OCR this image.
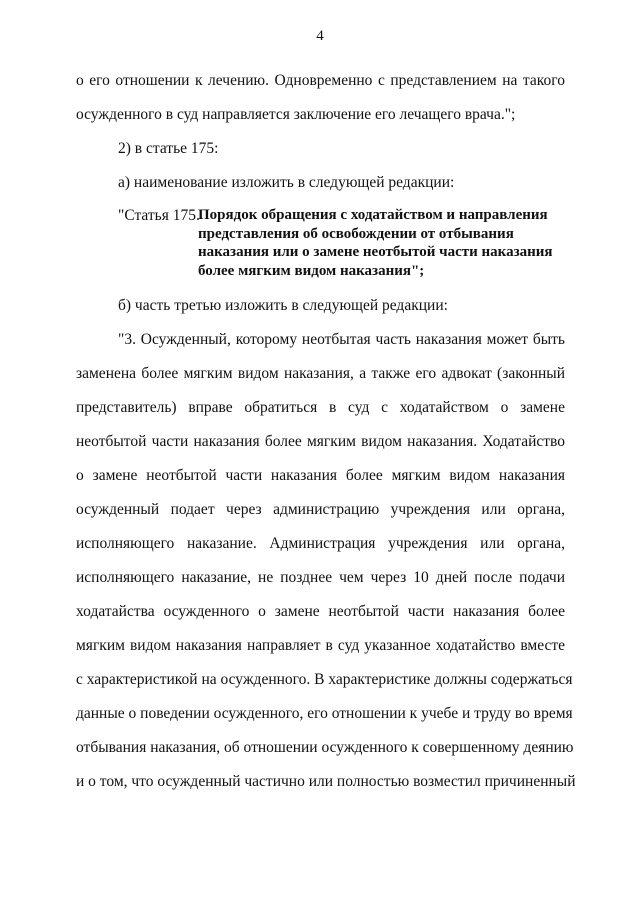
4
о его отношении к лечению. Одновременно с представлением на такого
осужденного в суд направляется заключение его лечащего врача.";
2) в статье 175:
а) наименование изложить в следующей редакции:
"Статья 175.
Порядок обращения с ходатайством и направления
представления об освобождении от отбывания
наказания или о замене неотбытой части наказания
более мягким видом наказания";
б) часть третью изложить в следующей редакции:
"3. Осужденный, которому неотбытая часть наказания может быть
заменена более мягким видом наказания, а также его адвокат (законный
представитель) вправе обратиться в суд с ходатайством о замене
неотбытой части наказания более мягким видом наказания. Ходатайство
о замене неотбытой части наказания более мягким видом наказания
осужденный подает через администрацию учреждения или органа,
исполняющего наказание. Администрация учреждения или органа,
исполняющего наказание, не позднее чем через 10 дней после подачи
ходатайства осужденного о замене неотбытой части наказания более
мягким видом наказания направляет в суд указанное ходатайство вместе
с характеристикой на осужденного. В характеристике должны содержаться
данные о поведении осужденного, его отношении к учебе и труду во время
отбывания наказания, об отношении осужденного к совершенному деянию
и о том, что осужденный частично или полностью возместил причиненный
